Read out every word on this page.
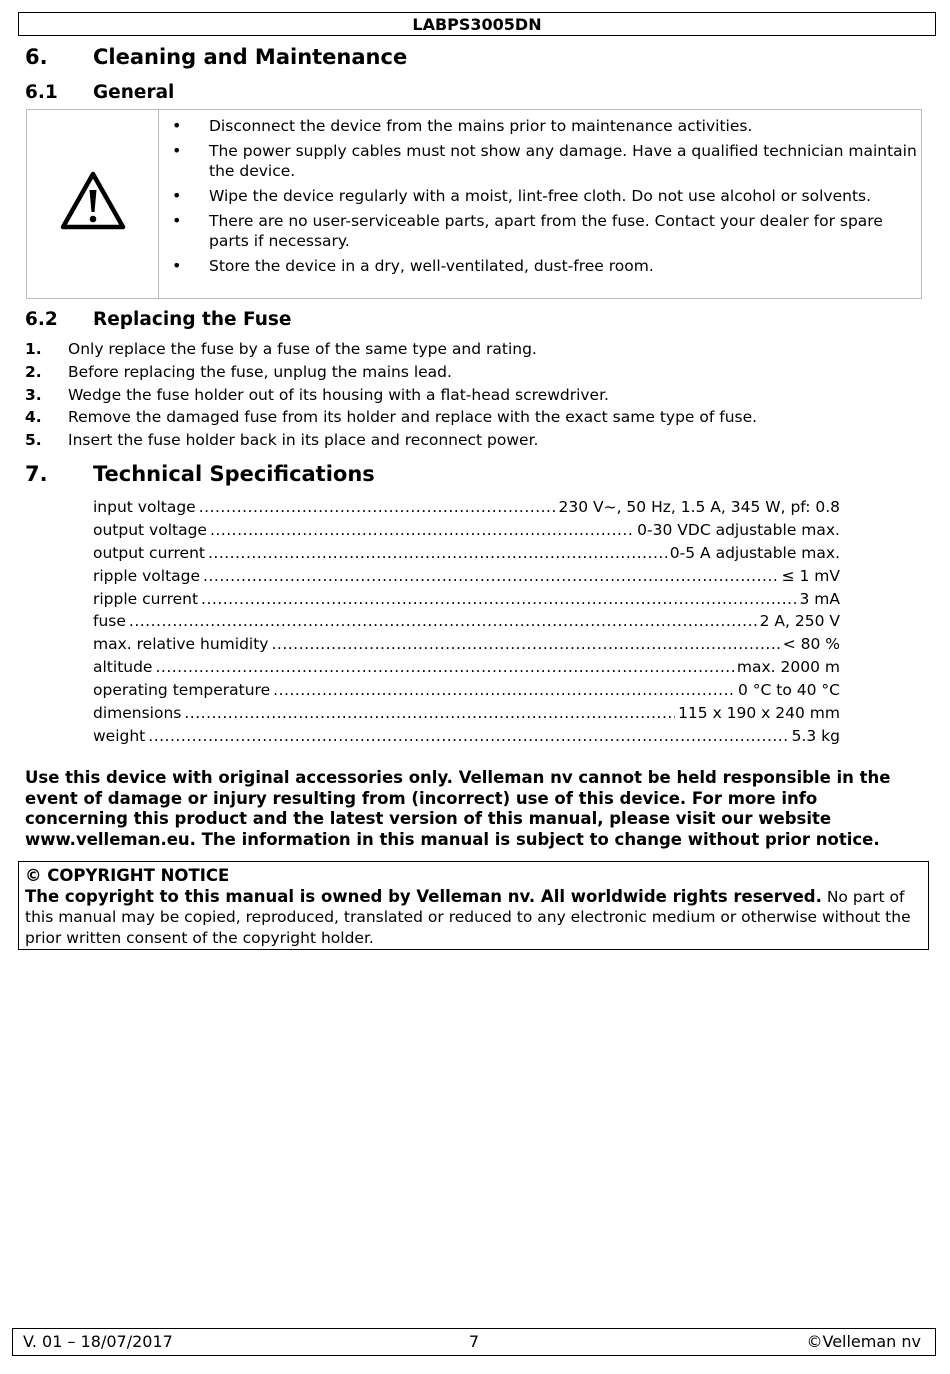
LABPS3005DN
6. Cleaning and Maintenance
6.1 General
• Disconnect the device from the mains prior to maintenance activities.
• The power supply cables must not show any damage. Have a qualified technician maintain the device.
• Wipe the device regularly with a moist, lint-free cloth. Do not use alcohol or solvents.
• There are no user-serviceable parts, apart from the fuse. Contact your dealer for spare parts if necessary.
• Store the device in a dry, well-ventilated, dust-free room.
6.2 Replacing the Fuse
1. Only replace the fuse by a fuse of the same type and rating.
2. Before replacing the fuse, unplug the mains lead.
3. Wedge the fuse holder out of its housing with a flat-head screwdriver.
4. Remove the damaged fuse from its holder and replace with the exact same type of fuse.
5. Insert the fuse holder back in its place and reconnect power.
7. Technical Specifications
input voltage .....	230 V~, 50 Hz, 1.5 A, 345 W, pf: 0.8
output voltage .....	0-30 VDC adjustable max.
output current .....	0-5 A adjustable max.
ripple voltage .....	≤ 1 mV
ripple current .....	3 mA
fuse .....	2 A, 250 V
max. relative humidity .....	< 80 %
altitude .....	max. 2000 m
operating temperature .....	0 °C to 40 °C
dimensions .....	115 x 190 x 240 mm
weight .....	5.3 kg
Use this device with original accessories only. Velleman nv cannot be held responsible in the event of damage or injury resulting from (incorrect) use of this device. For more info concerning this product and the latest version of this manual, please visit our website www.velleman.eu. The information in this manual is subject to change without prior notice.
© COPYRIGHT NOTICE
The copyright to this manual is owned by Velleman nv. All worldwide rights reserved. No part of this manual may be copied, reproduced, translated or reduced to any electronic medium or otherwise without the prior written consent of the copyright holder.
7
V. 01 – 18/07/2017	©Velleman nv
